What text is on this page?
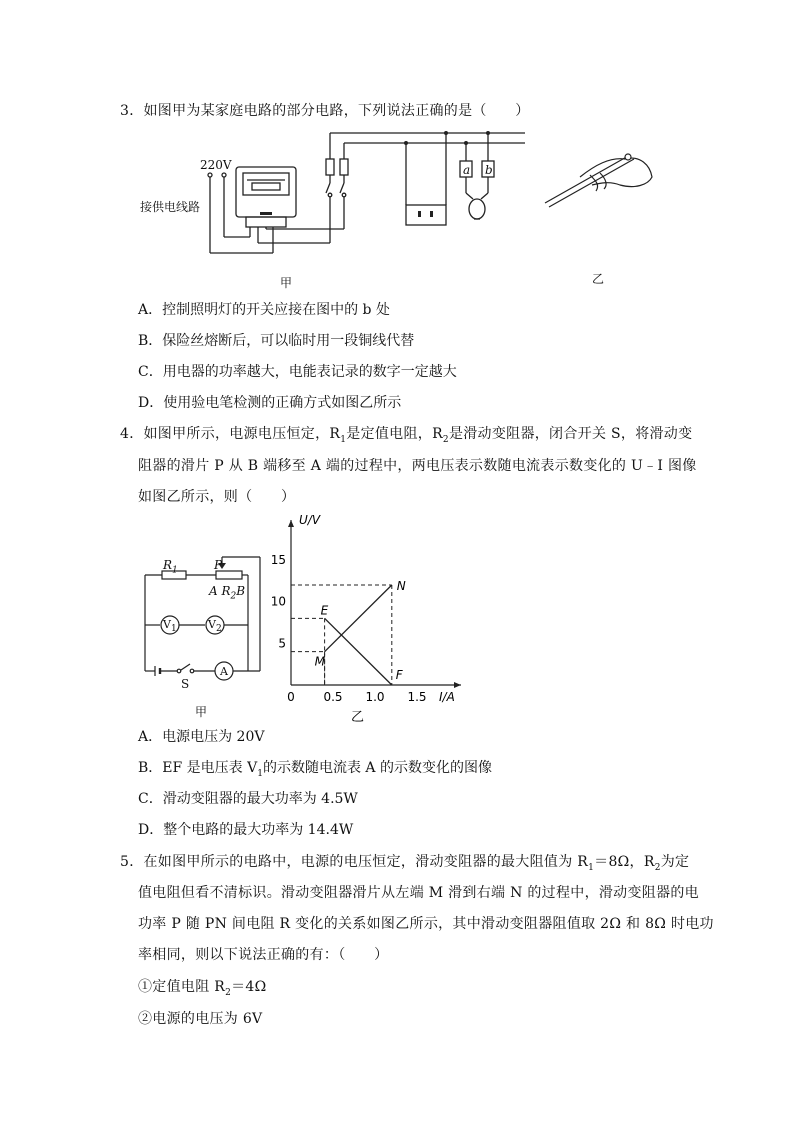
3．如图甲为某家庭电路的部分电路，下列说法正确的是（　　）
220V
接供电线路
a b
甲	乙
A．控制照明灯的开关应接在图中的 b 处
B．保险丝熔断后，可以临时用一段铜线代替
C．用电器的功率越大，电能表记录的数字一定越大
D．使用验电笔检测的正确方式如图乙所示
4．如图甲所示，电源电压恒定，$R_1$是定值电阻，$R_2$是滑动变阻器，闭合开关 S，将滑动变
阻器的滑片 P 从 B 端移至 A 端的过程中，两电压表示数随电流表示数变化的 U﹣I 图像
如图乙所示，则（　　）
$R_1$	P
A $R_2B$
$V_1$	$V_2$
A
S
甲
U/V
I/A
0 0.5 1.0 1.5
5
10
15
M
N
E
F
乙
A．电源电压为 20V
B．EF 是电压表 $V_1$的示数随电流表 A 的示数变化的图像
C．滑动变阻器的最大功率为 4.5W
D．整个电路的最大功率为 14.4W
5．在如图甲所示的电路中，电源的电压恒定，滑动变阻器的最大阻值为 $R_1=8\Omega$，$R_2$为定
值电阻但看不清标识。滑动变阻器滑片从左端 M 滑到右端 N 的过程中，滑动变阻器的电
功率 P 随 PN 间电阻 R 变化的关系如图乙所示，其中滑动变阻器阻值取 2Ω 和 8Ω 时电功
率相同，则以下说法正确的有：（　　）
①定值电阻 $R_2=4\Omega$
②电源的电压为 6V
